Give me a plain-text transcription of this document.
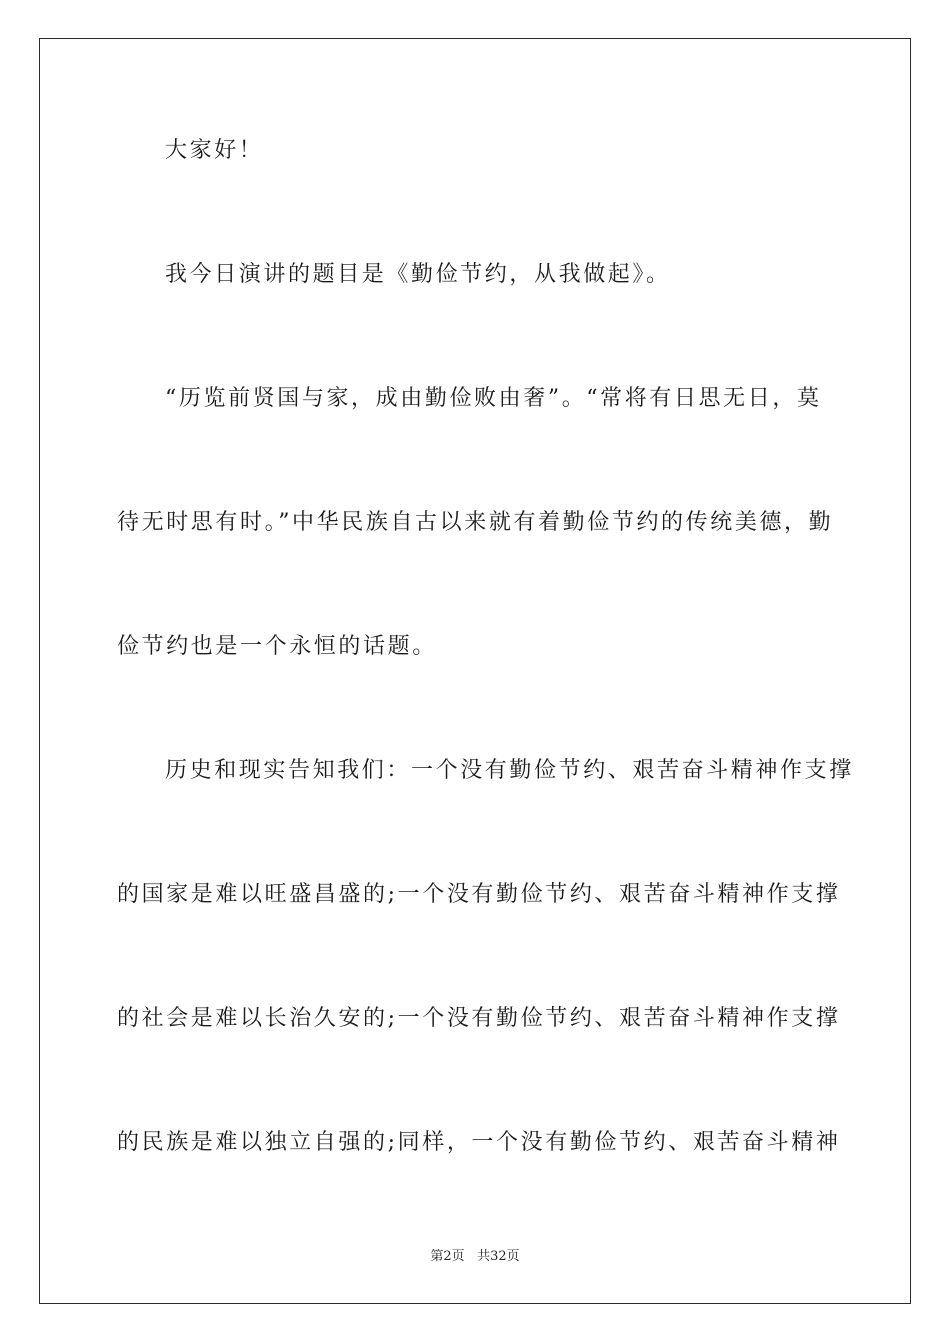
大家好！
我今日演讲的题目是《勤俭节约，从我做起》。
“历览前贤国与家，成由勤俭败由奢”。“常将有日思无日，莫
待无时思有时。”中华民族自古以来就有着勤俭节约的传统美德，勤
俭节约也是一个永恒的话题。
历史和现实告知我们：一个没有勤俭节约、艰苦奋斗精神作支撑
的国家是难以旺盛昌盛的;一个没有勤俭节约、艰苦奋斗精神作支撑
的社会是难以长治久安的;一个没有勤俭节约、艰苦奋斗精神作支撑
的民族是难以独立自强的;同样，一个没有勤俭节约、艰苦奋斗精神
第2页 共32页
